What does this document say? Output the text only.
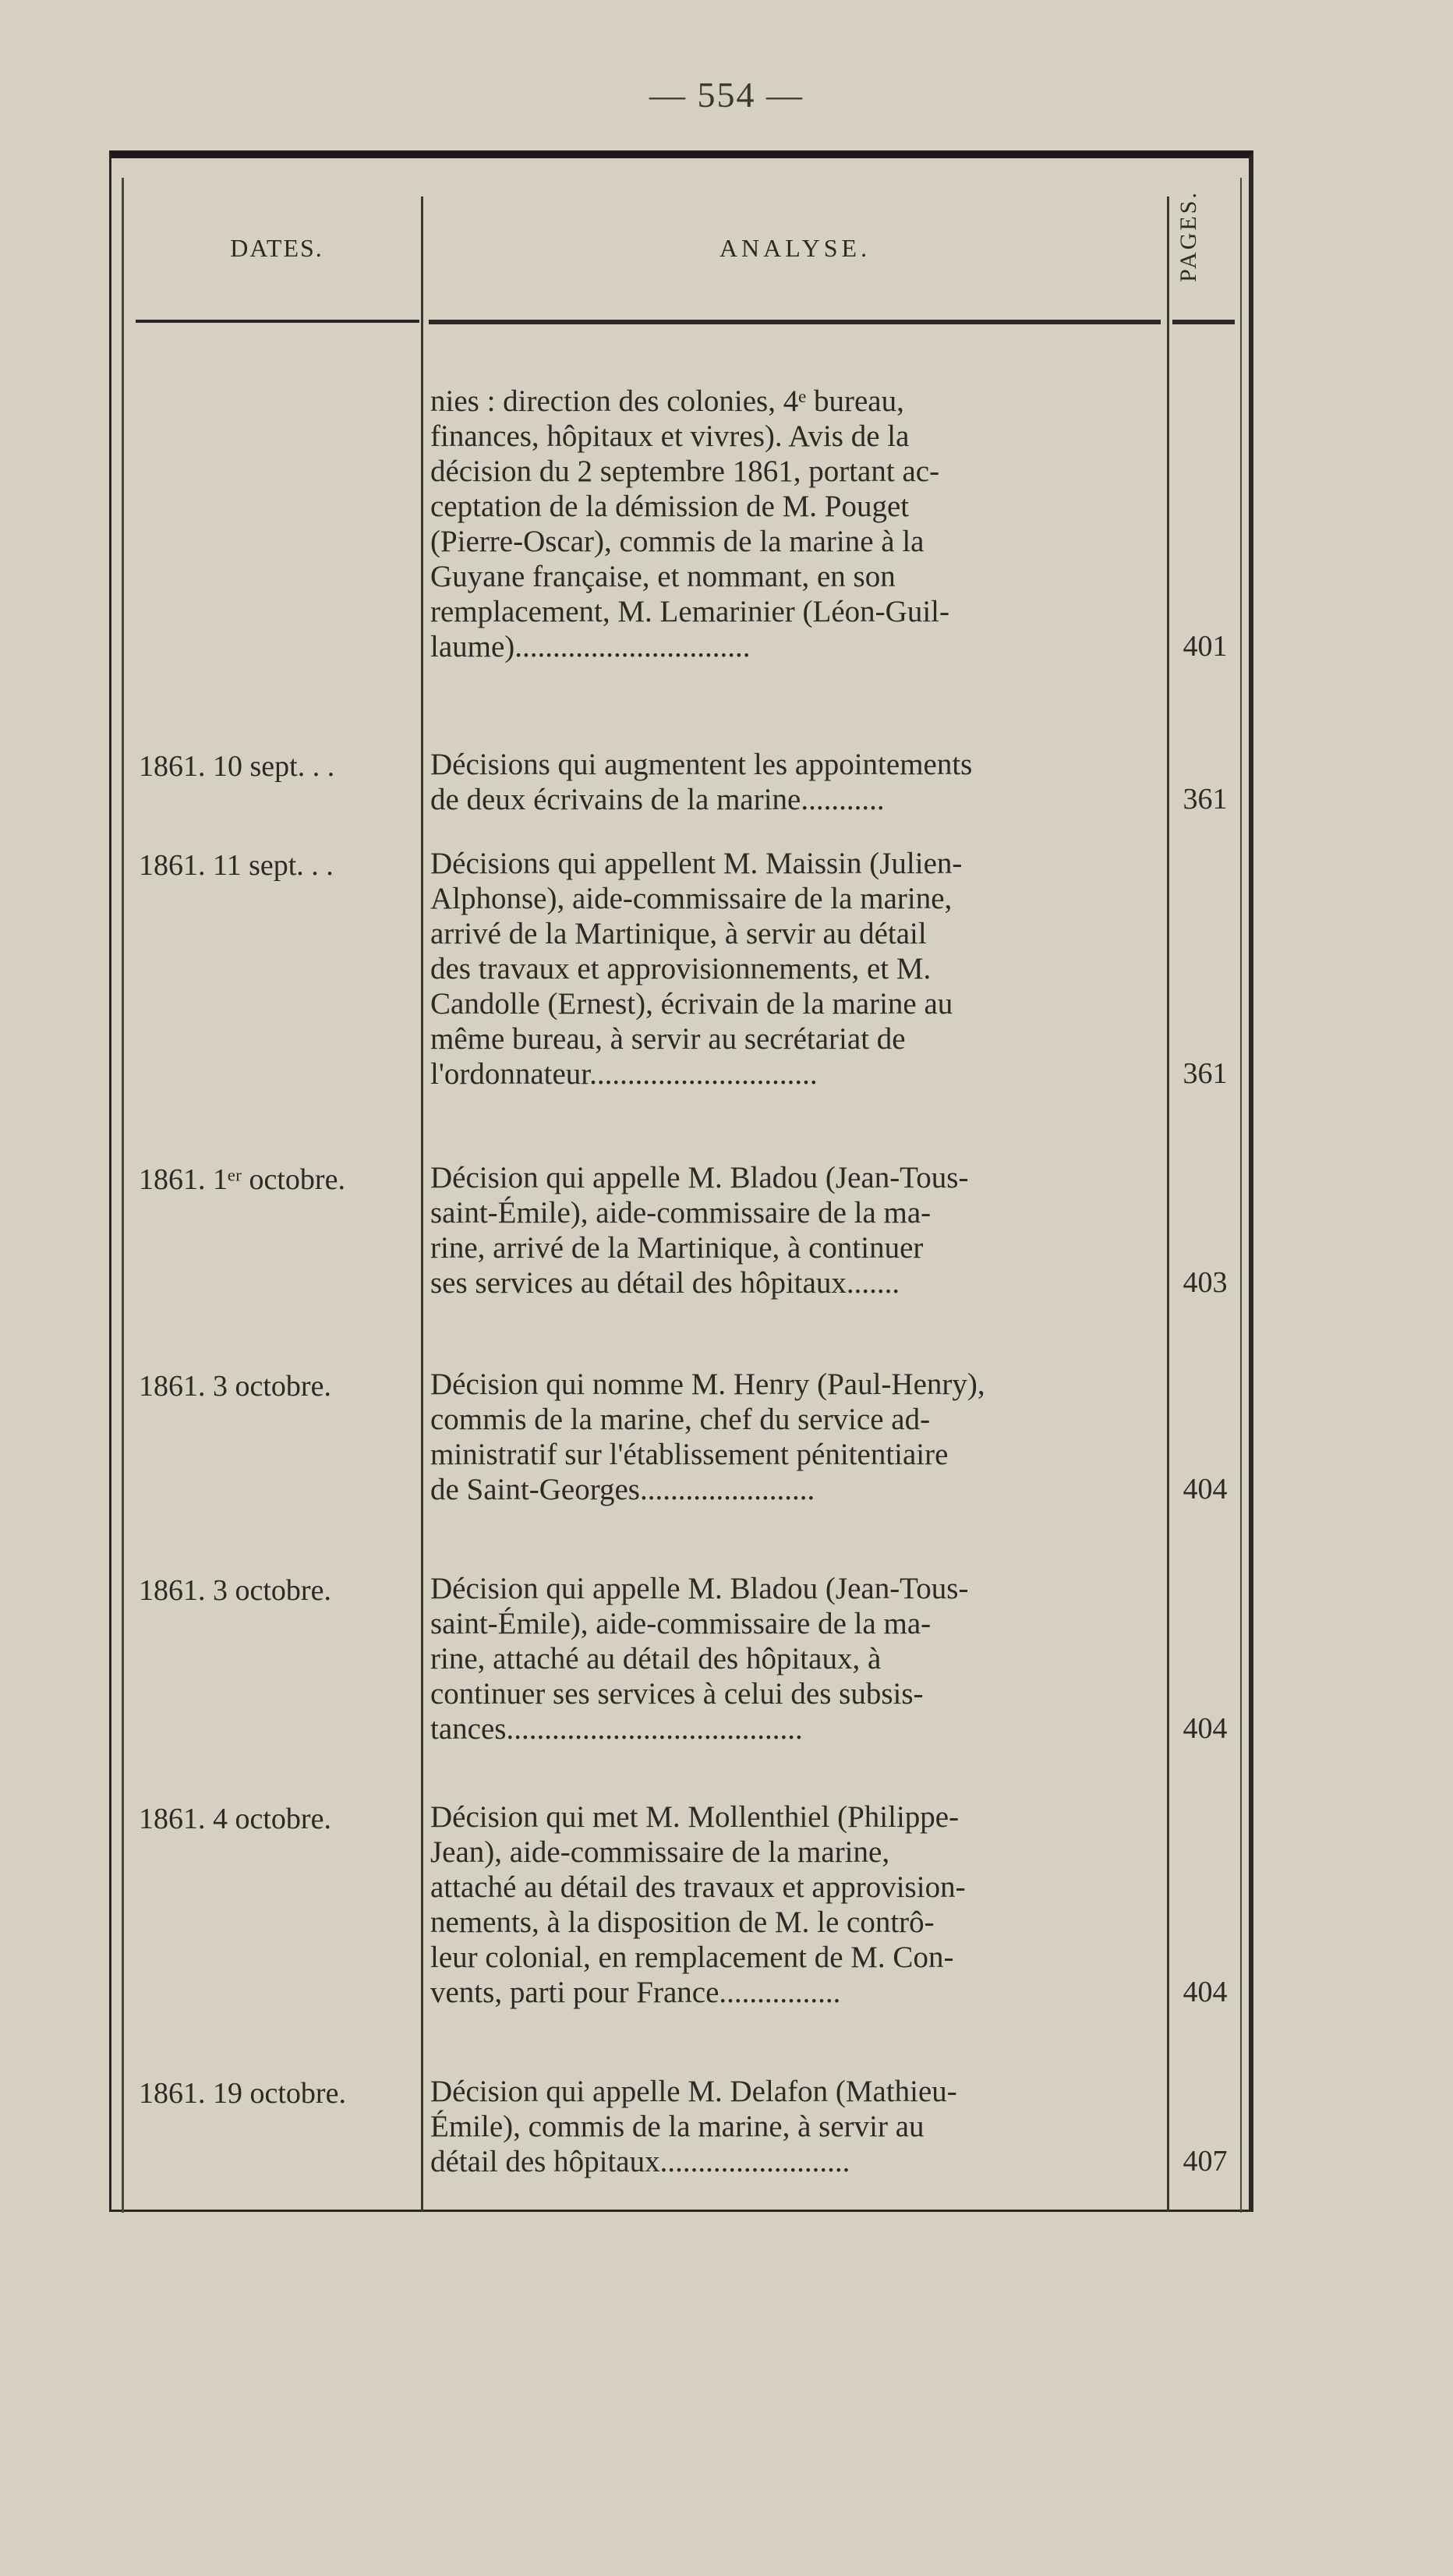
— 554 —
DATES.	ANALYSE.	PAGES.
nies : direction des colonies, 4ᵉ bureau,
finances, hôpitaux et vivres). Avis de la
décision du 2 septembre 1861, portant ac-
ceptation de la démission de M. Pouget
(Pierre-Oscar), commis de la marine à la
Guyane française, et nommant, en son
remplacement, M. Lemarinier (Léon-Guil-
laume)...............................	401
1861. 10 sept. . .	Décisions qui augmentent les appointements
de deux écrivains de la marine...........	361
1861. 11 sept. . .	Décisions qui appellent M. Maissin (Julien-
Alphonse), aide-commissaire de la marine,
arrivé de la Martinique, à servir au détail
des travaux et approvisionnements, et M.
Candolle (Ernest), écrivain de la marine au
même bureau, à servir au secrétariat de
l'ordonnateur..............................	361
1861. 1ᵉʳ octobre.	Décision qui appelle M. Bladou (Jean-Tous-
saint-Émile), aide-commissaire de la ma-
rine, arrivé de la Martinique, à continuer
ses services au détail des hôpitaux.......	403
1861. 3 octobre.	Décision qui nomme M. Henry (Paul-Henry),
commis de la marine, chef du service ad-
ministratif sur l'établissement pénitentiaire
de Saint-Georges.......................	404
1861. 3 octobre.	Décision qui appelle M. Bladou (Jean-Tous-
saint-Émile), aide-commissaire de la ma-
rine, attaché au détail des hôpitaux, à
continuer ses services à celui des subsis-
tances.......................................	404
1861. 4 octobre.	Décision qui met M. Mollenthiel (Philippe-
Jean), aide-commissaire de la marine,
attaché au détail des travaux et approvision-
nements, à la disposition de M. le contrô-
leur colonial, en remplacement de M. Con-
vents, parti pour France................	404
1861. 19 octobre.	Décision qui appelle M. Delafon (Mathieu-
Émile), commis de la marine, à servir au
détail des hôpitaux.........................	407
